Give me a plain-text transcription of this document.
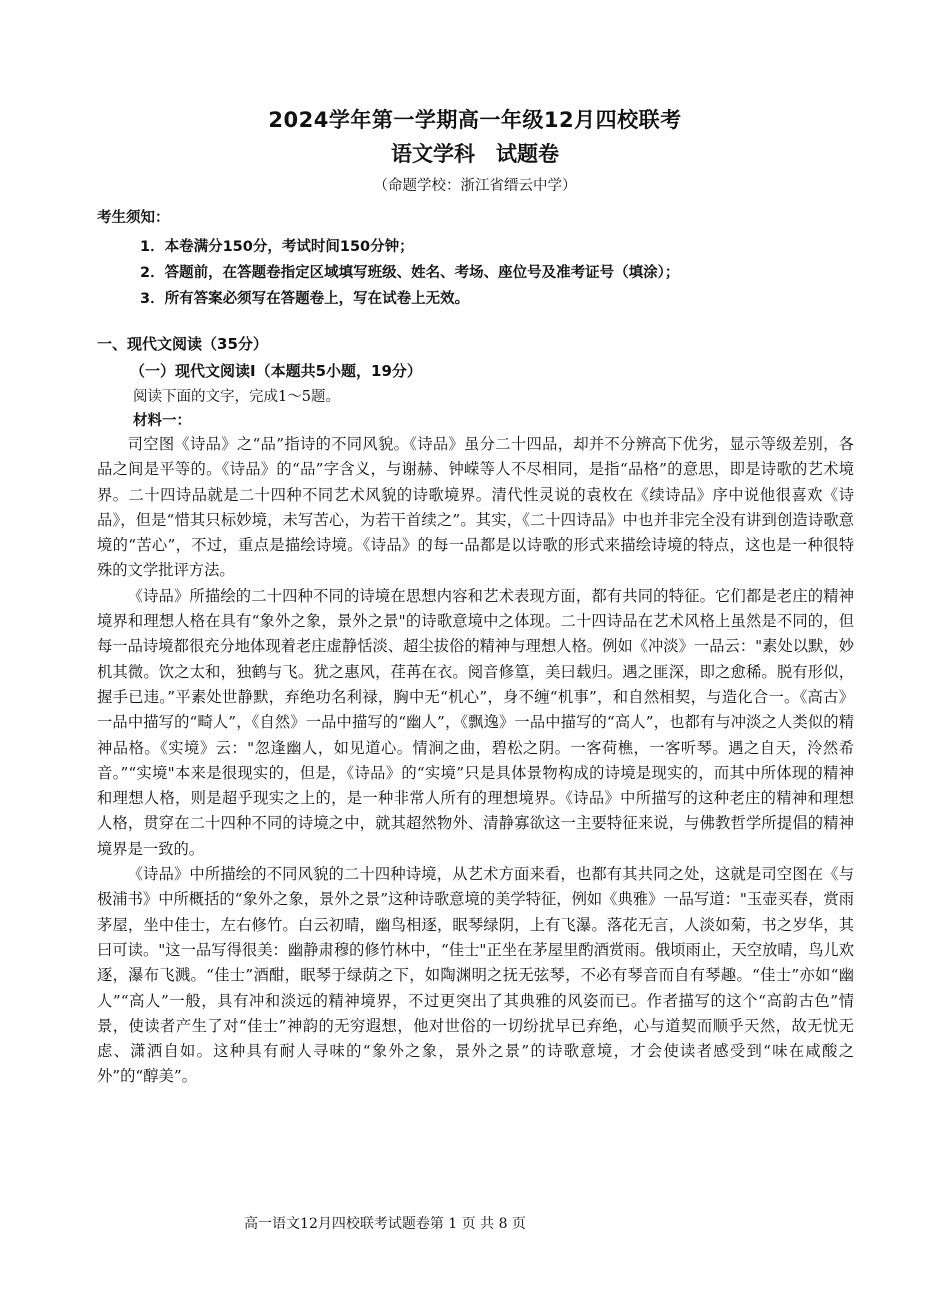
2024学年第一学期高一年级12月四校联考
语文学科　试题卷
（命题学校：浙江省缙云中学）
考生须知：
1．本卷满分150分，考试时间150分钟；
2．答题前，在答题卷指定区域填写班级、姓名、考场、座位号及准考证号（填涂）；
3．所有答案必须写在答题卷上，写在试卷上无效。
一、现代文阅读（35分）
（一）现代文阅读Ⅰ（本题共5小题，19分）
阅读下面的文字，完成1～5题。
材料一：

司空图《诗品》之“品”指诗的不同风貌。《诗品》虽分二十四品，却并不分辨高下优劣，显示等级差别，各品之间是平等的。《诗品》的“品”字含义，与谢赫、钟嵘等人不尽相同，是指“品格”的意思，即是诗歌的艺术境界。二十四诗品就是二十四种不同艺术风貌的诗歌境界。清代性灵说的袁枚在《续诗品》序中说他很喜欢《诗品》，但是“惜其只标妙境，未写苦心，为若干首续之”。其实，《二十四诗品》中也并非完全没有讲到创造诗歌意境的“苦心”，不过，重点是描绘诗境。《诗品》的每一品都是以诗歌的形式来描绘诗境的特点，这也是一种很特殊的文学批评方法。

《诗品》所描绘的二十四种不同的诗境在思想内容和艺术表现方面，都有共同的特征。它们都是老庄的精神境界和理想人格在具有“象外之象，景外之景"的诗歌意境中之体现。二十四诗品在艺术风格上虽然是不同的，但每一品诗境都很充分地体现着老庄虚静恬淡、超尘拔俗的精神与理想人格。例如《冲淡》一品云："素处以默，妙机其微。饮之太和，独鹤与飞。犹之惠风，荏苒在衣。阅音修篁，美曰载归。遇之匪深，即之愈稀。脱有形似，握手已违。”平素处世静默，弃绝功名利禄，胸中无“机心”，身不缠“机事”，和自然相契，与造化合一。《高古》一品中描写的“畸人”，《自然》一品中描写的“幽人”，《飘逸》一品中描写的“高人”，也都有与冲淡之人类似的精神品格。《实境》云："忽逢幽人，如见道心。情涧之曲，碧松之阴。一客荷樵，一客听琴。遇之自天，泠然希音。”“实境"本来是很现实的，但是，《诗品》的“实境”只是具体景物构成的诗境是现实的，而其中所体现的精神和理想人格，则是超乎现实之上的，是一种非常人所有的理想境界。《诗品》中所描写的这种老庄的精神和理想人格，贯穿在二十四种不同的诗境之中，就其超然物外、清静寡欲这一主要特征来说，与佛教哲学所提倡的精神境界是一致的。

《诗品》中所描绘的不同风貌的二十四种诗境，从艺术方面来看，也都有其共同之处，这就是司空图在《与极浦书》中所概括的“象外之象，景外之景”这种诗歌意境的美学特征，例如《典雅》一品写道："玉壶买春，赏雨茅屋，坐中佳士，左右修竹。白云初晴，幽鸟相逐，眠琴绿阴，上有飞瀑。落花无言，人淡如菊，书之岁华，其曰可读。"这一品写得很美：幽静肃穆的修竹林中，“佳士"正坐在茅屋里酌酒赏雨。俄顷雨止，天空放晴，鸟儿欢逐，瀑布飞溅。“佳士”酒酣，眠琴于绿荫之下，如陶渊明之抚无弦琴，不必有琴音而自有琴趣。“佳士”亦如“幽人”“高人”一般，具有冲和淡远的精神境界，不过更突出了其典雅的风姿而已。作者描写的这个“高韵古色”情景，使读者产生了对“佳士”神韵的无穷遐想，他对世俗的一切纷扰早已弃绝，心与道契而顺乎天然，故无忧无虑、潇洒自如。这种具有耐人寻味的“象外之象，景外之景”的诗歌意境，才会使读者感受到“味在咸酸之外”的“醇美”。

高一语文12月四校联考试题卷第 1 页 共 8 页
